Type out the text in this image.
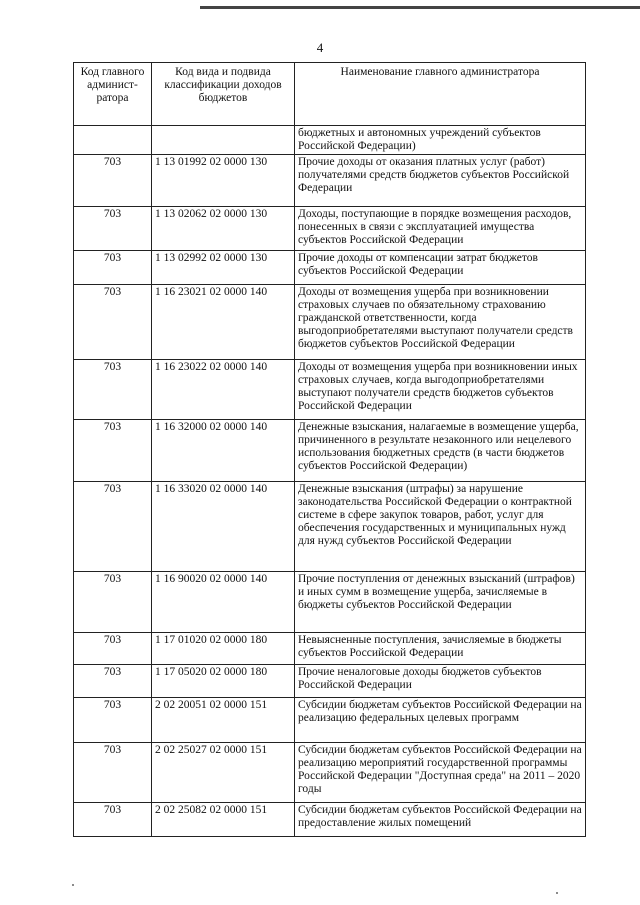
4
Код главного админист-ратора	Код вида и подвида классификации доходов бюджетов	Наименование главного администратора
		бюджетных и автономных учреждений субъектов Российской Федерации)
703	1 13 01992 02 0000 130	Прочие доходы от оказания платных услуг (работ) получателями средств бюджетов субъектов Российской Федерации
703	1 13 02062 02 0000 130	Доходы, поступающие в порядке возмещения расходов, понесенных в связи с эксплуатацией имущества субъектов Российской Федерации
703	1 13 02992 02 0000 130	Прочие доходы от компенсации затрат бюджетов субъектов Российской Федерации
703	1 16 23021 02 0000 140	Доходы от возмещения ущерба при возникновении страховых случаев по обязательному страхованию гражданской ответственности, когда выгодоприобретателями выступают получатели средств бюджетов субъектов Российской Федерации
703	1 16 23022 02 0000 140	Доходы от возмещения ущерба при возникновении иных страховых случаев, когда выгодоприобретателями выступают получатели средств бюджетов субъектов Российской Федерации
703	1 16 32000 02 0000 140	Денежные взыскания, налагаемые в возмещение ущерба, причиненного в результате незаконного или нецелевого использования бюджетных средств (в части бюджетов субъектов Российской Федерации)
703	1 16 33020 02 0000 140	Денежные взыскания (штрафы) за нарушение законодательства Российской Федерации о контрактной системе в сфере закупок товаров, работ, услуг для обеспечения государственных и муниципальных нужд для нужд субъектов Российской Федерации
703	1 16 90020 02 0000 140	Прочие поступления от денежных взысканий (штрафов) и иных сумм в возмещение ущерба, зачисляемые в бюджеты субъектов Российской Федерации
703	1 17 01020 02 0000 180	Невыясненные поступления, зачисляемые в бюджеты субъектов Российской Федерации
703	1 17 05020 02 0000 180	Прочие неналоговые доходы бюджетов субъектов Российской Федерации
703	2 02 20051 02 0000 151	Субсидии бюджетам субъектов Российской Федерации на реализацию федеральных целевых программ
703	2 02 25027 02 0000 151	Субсидии бюджетам субъектов Российской Федерации на реализацию мероприятий государственной программы Российской Федерации "Доступная среда" на 2011 – 2020 годы
703	2 02 25082 02 0000 151	Субсидии бюджетам субъектов Российской Федерации на предоставление жилых помещений
